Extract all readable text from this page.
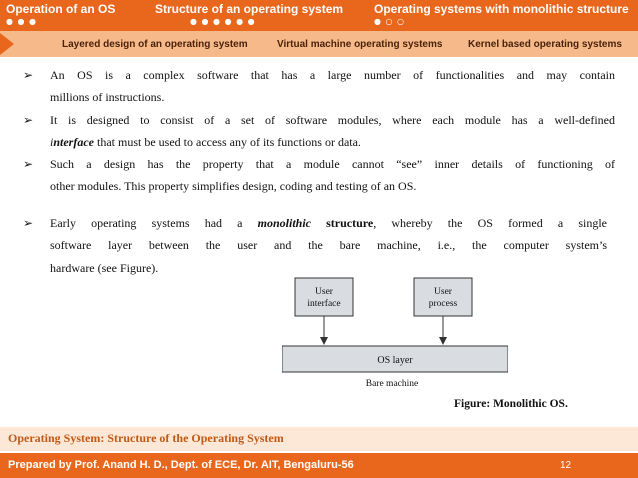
Operation of an OS
● ● ●
Structure of an operating system
● ● ● ● ● ●
Operating systems with monolithic structure
● ○ ○
Layered design of an operating system	Virtual machine operating systems	Kernel based operating systems
➢ An OS is a complex software that has a large number of functionalities and may contain
millions of instructions.
➢ It is designed to consist of a set of software modules, where each module has a well-defined
interface that must be used to access any of its functions or data.
➢ Such a design has the property that a module cannot “see” inner details of functioning of
other modules. This property simplifies design, coding and testing of an OS.
➢ Early operating systems had a monolithic structure, whereby the OS formed a single
software layer between the user and the bare machine, i.e., the computer system’s
hardware (see Figure).
User
interface
User
process
OS layer
Bare machine
Figure: Monolithic OS.
Operating System: Structure of the Operating System
Prepared by Prof. Anand H. D., Dept. of ECE, Dr. AIT, Bengaluru-56	12
